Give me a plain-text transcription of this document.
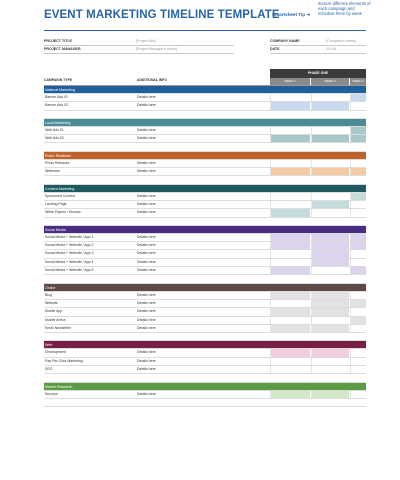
EVENT MARKETING TIMELINE TEMPLATE
Smartsheet Tip ➜
Itemize different elements of each campaign and schedule them by week
PROJECT TITLE	[Project title]
PROJECT MANAGER	[Project Manager's name]
COMPANY NAME	[Company's name]
DATE	1/1/16
CAMPAIGN TYPE	ADDITIONAL INFO
PHASE ONE
WEEK 1	WEEK 2	WEEK 3
National Marketing
Banner Ads 01	Details here
Banner Ads 02	Details here
Local Marketing
Web Ads 01	Details here
Web Ads 02	Details here
Public Relations
Press Releases	Details here
Webinars	Details here
Content Marketing
Sponsored Content	Details here
Landing Page	Details here
White Papers / Ebooks	Details here
Social Media
Social Media + Website / App 1	Details here
Social Media + Website / App 2	Details here
Social Media + Website / App 3	Details here
Social Media + Website / App 4	Details here
Social Media + Website / App 5	Details here
Online
Blog	Details here
Website	Details here
Mobile App	Details here
Mobile Arena	Details here
Email Newsletter	Details here
Web
Development	Details here
Pay-Per-Click Marketing	Details here
SEO	Details here
Market Research
Surveys	Details here
